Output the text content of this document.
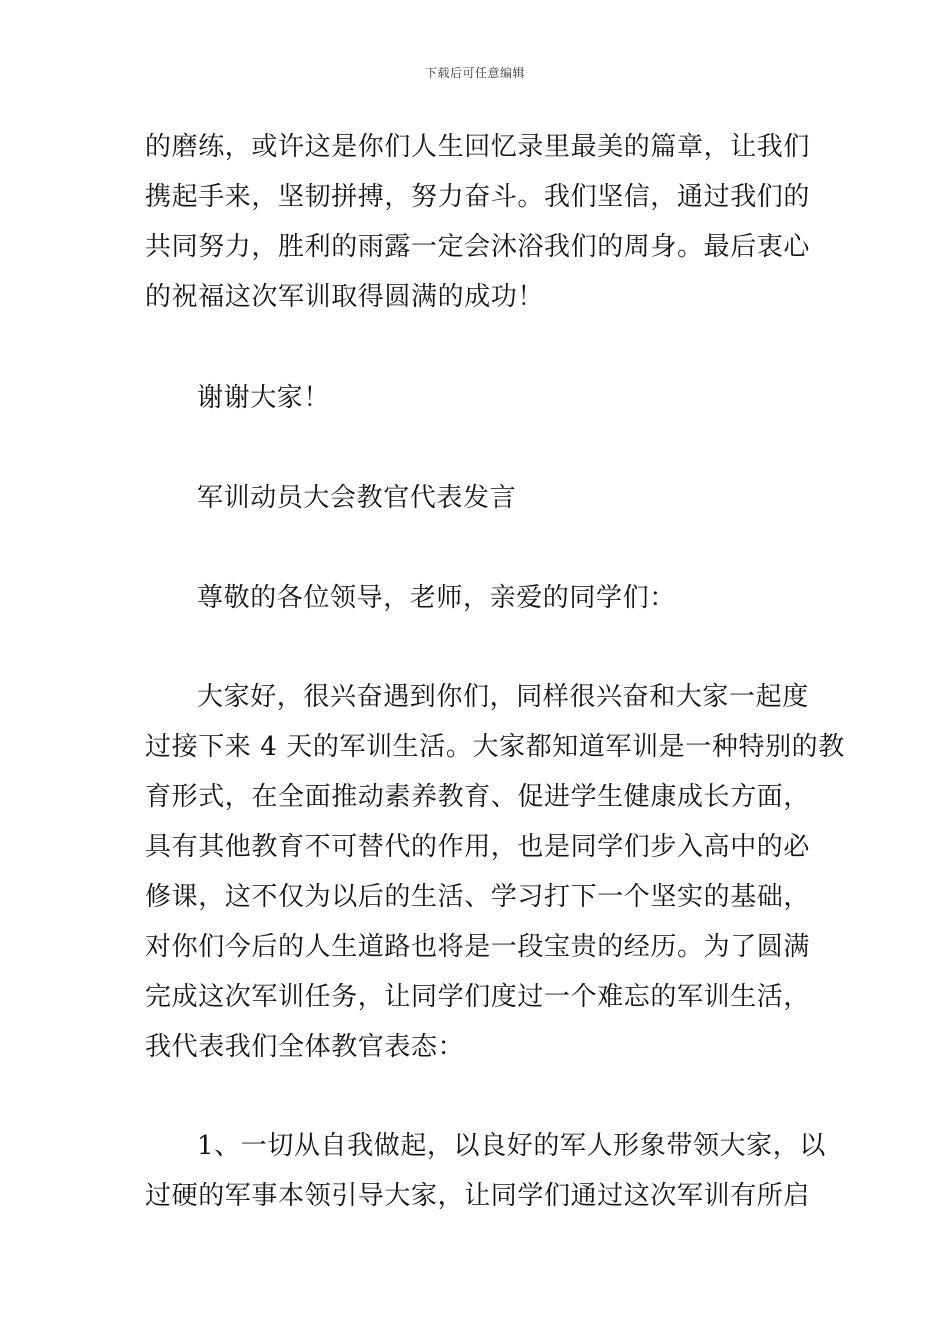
下载后可任意编辑
的磨练，或许这是你们人生回忆录里最美的篇章，让我们
携起手来，坚韧拼搏，努力奋斗。我们坚信，通过我们的
共同努力，胜利的雨露一定会沐浴我们的周身。最后衷心
的祝福这次军训取得圆满的成功！
谢谢大家！
军训动员大会教官代表发言
尊敬的各位领导，老师，亲爱的同学们：
大家好，很兴奋遇到你们，同样很兴奋和大家一起度
过接下来 4 天的军训生活。大家都知道军训是一种特别的教
育形式，在全面推动素养教育、促进学生健康成长方面，
具有其他教育不可替代的作用，也是同学们步入高中的必
修课，这不仅为以后的生活、学习打下一个坚实的基础，
对你们今后的人生道路也将是一段宝贵的经历。为了圆满
完成这次军训任务，让同学们度过一个难忘的军训生活，
我代表我们全体教官表态：
1、一切从自我做起，以良好的军人形象带领大家，以
过硬的军事本领引导大家，让同学们通过这次军训有所启
